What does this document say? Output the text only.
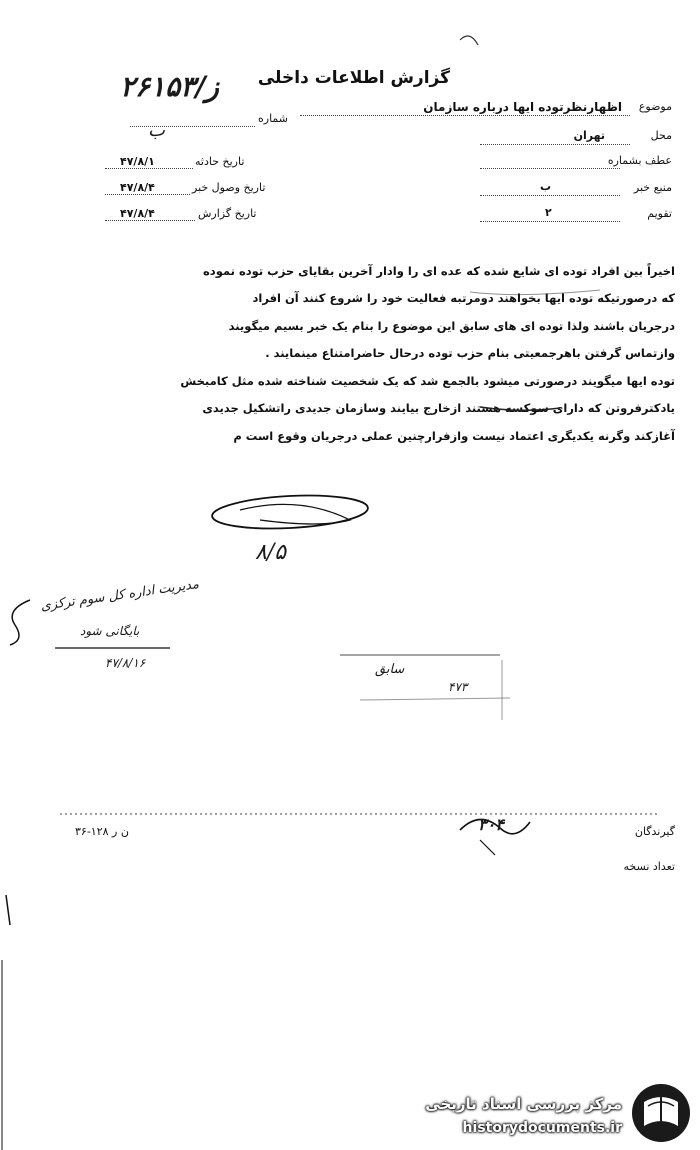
گزارش اطلاعات داخلی
۲۶۱۵۳/ز
شماره
ب
تاریخ حادثه
۴۷/۸/۱
تاریخ وصول خبر
۴۷/۸/۴
تاریخ گزارش
۴۷/۸/۴
موضوع
اظهارنظرتوده ایها درباره سازمان
محل
تهران
عطف بشماره
منبع خبر
ب
تقویم
۲
اخیراً بین افراد توده ای شایع شده که عده ای را وادار آخرین بقایای حزب توده نموده
که درصورتیکه توده ایها بخواهند دومرتبه فعالیت خود را شروع کنند آن افراد
درجریان باشند ولذا توده ای های سابق این موضوع را بنام یک خبر بسیم میگویند
وازتماس گرفتن باهرجمعیتی بنام حزب توده درحال حاضرامتناع مینمایند .
توده ایها میگویند درصورتی میشود بالجمع شد که یک شخصیت شناخته شده مثل کامبخش
یادکترفروتن که دارای سوکسه هستند ازخارج بیایند وسازمان جدیدی راتشکیل جدیدی
آغازکند وگرنه یکدیگری اعتماد نیست وازفرارچنین عملی درجریان وقوع است م
۸/۵
مدیریت اداره کل سوم ترکزی
بایگانی شود
۴۷/۸/۱۶	سابق
۴۷۳
۳۶-۱۲۸ ن ر	گیرندگان
۳۰۴
تعداد نسخه
مرکز بررسی اسناد تاریخی
historydocuments.ir
